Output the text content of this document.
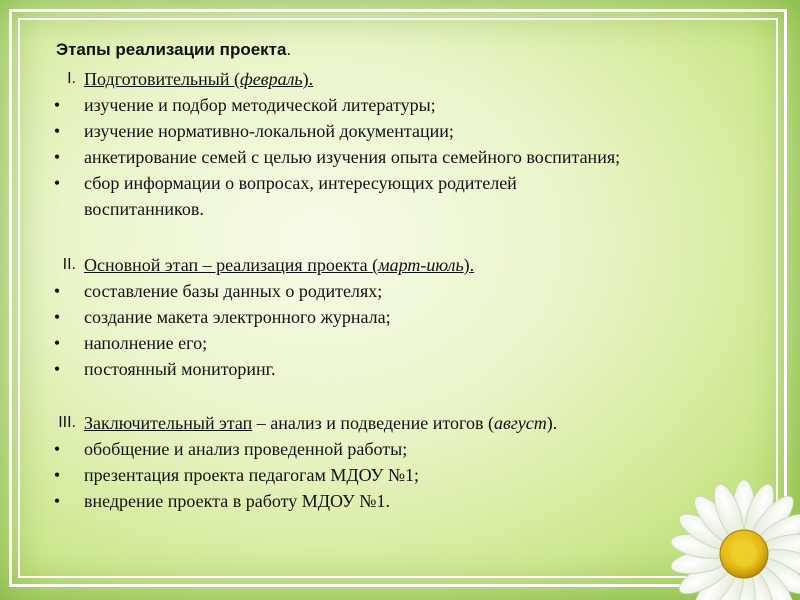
Этапы реализации проекта.
I. Подготовительный (февраль).
• изучение и подбор методической литературы;
• изучение нормативно-локальной документации;
• анкетирование семей с целью изучения опыта семейного воспитания;
• сбор информации о вопросах, интересующих родителей
воспитанников.
II. Основной этап – реализация проекта (март-июль).
• составление базы данных о родителях;
• создание макета электронного журнала;
• наполнение его;
• постоянный мониторинг.
III. Заключительный этап – анализ и подведение итогов (август).
• обобщение и анализ проведенной работы;
• презентация проекта педагогам МДОУ №1;
• внедрение проекта в работу МДОУ №1.
